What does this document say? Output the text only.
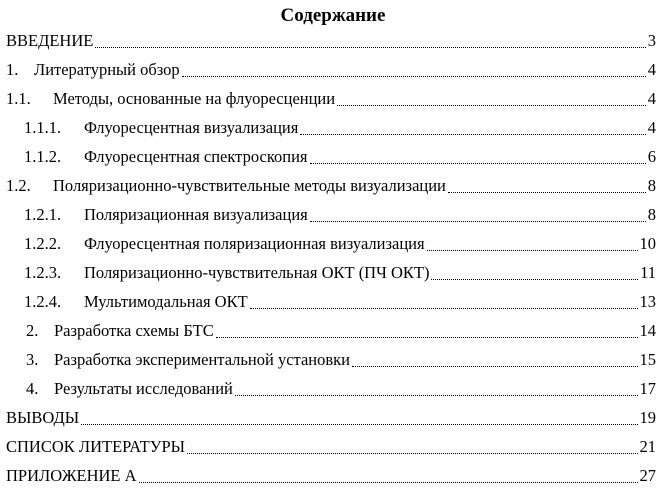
Содержание
ВВЕДЕНИЕ	3
1. Литературный обзор	4
1.1.	Методы, основанные на флуоресценции	4
1.1.1.	Флуоресцентная визуализация	4
1.1.2.	Флуоресцентная спектроскопия	6
1.2.	Поляризационно-чувствительные методы визуализации	8
1.2.1.	Поляризационная визуализация	8
1.2.2.	Флуоресцентная поляризационная визуализация	10
1.2.3.	Поляризационно-чувствительная ОКТ (ПЧ ОКТ)	11
1.2.4.	Мультимодальная ОКТ	13
2. Разработка схемы БТС	14
3. Разработка экспериментальной установки	15
4. Результаты исследований	17
ВЫВОДЫ	19
СПИСОК ЛИТЕРАТУРЫ	21
ПРИЛОЖЕНИЕ А	27
